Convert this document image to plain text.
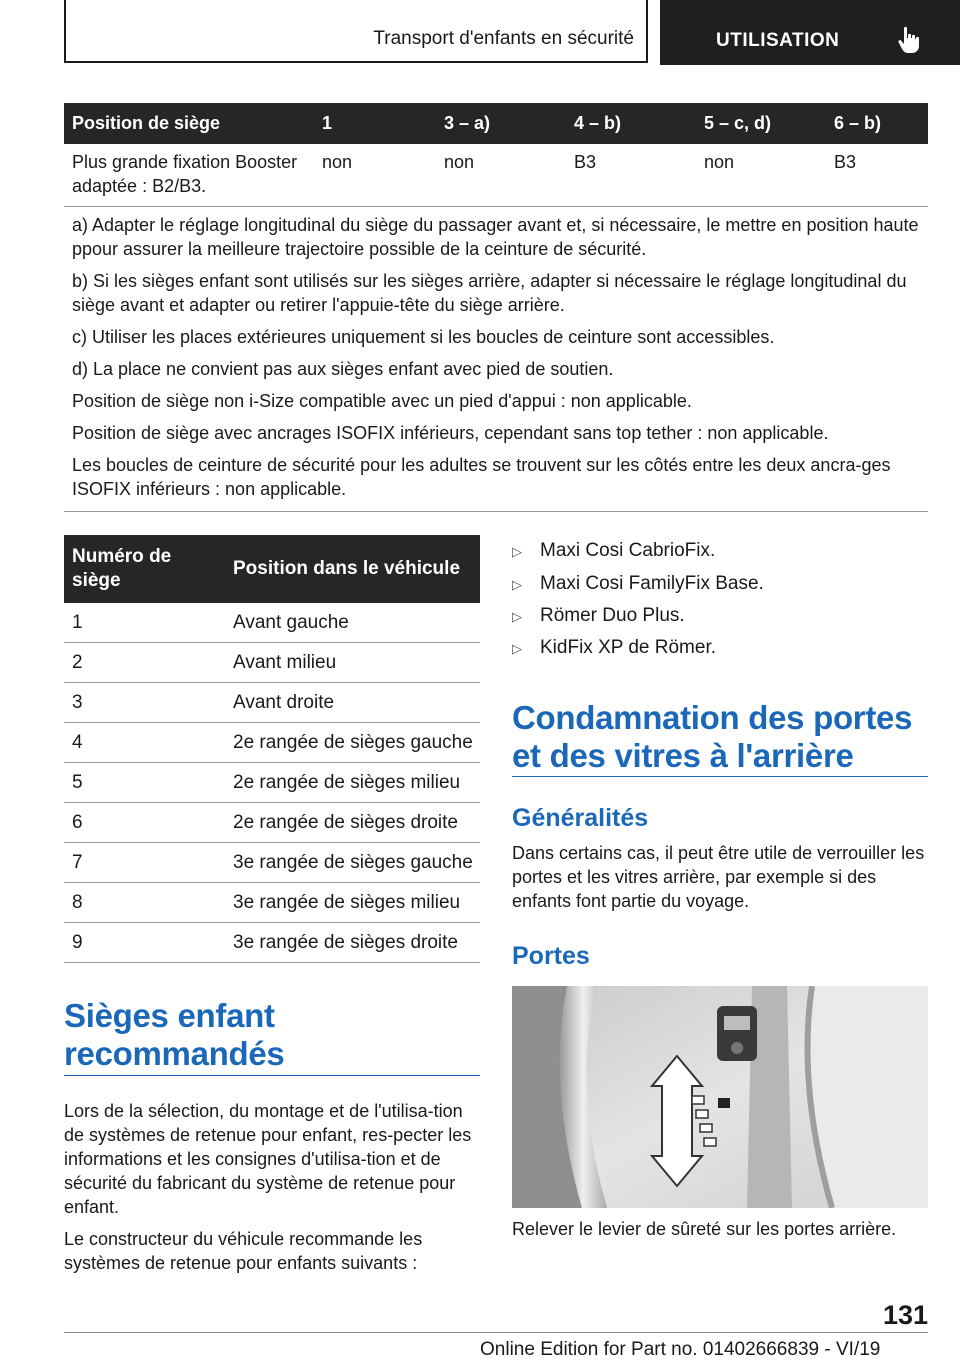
Transport d'enfants en sécurité	UTILISATION
Position de siège	1	3 – a)	4 – b)	5 – c, d)	6 – b)
Plus grande fixation Booster adaptée : B2/B3.	non	non	B3	non	B3

a) Adapter le réglage longitudinal du siège du passager avant et, si nécessaire, le mettre en position haute ppour assurer la meilleure trajectoire possible de la ceinture de sécurité.

b) Si les sièges enfant sont utilisés sur les sièges arrière, adapter si nécessaire le réglage longitudinal du siège avant et adapter ou retirer l'appuie-tête du siège arrière.

c) Utiliser les places extérieures uniquement si les boucles de ceinture sont accessibles.

d) La place ne convient pas aux sièges enfant avec pied de soutien.

Position de siège non i-Size compatible avec un pied d'appui : non applicable.

Position de siège avec ancrages ISOFIX inférieurs, cependant sans top tether : non applicable.

Les boucles de ceinture de sécurité pour les adultes se trouvent sur les côtés entre les deux ancra-ges ISOFIX inférieurs : non applicable.

Numéro de siège	Position dans le véhicule
1	Avant gauche
2	Avant milieu
3	Avant droite
4	2e rangée de sièges gauche
5	2e rangée de sièges milieu
6	2e rangée de sièges droite
7	3e rangée de sièges gauche
8	3e rangée de sièges milieu
9	3e rangée de sièges droite
Sièges enfant recommandés

Lors de la sélection, du montage et de l'utilisa-tion de systèmes de retenue pour enfant, res-pecter les informations et les consignes d'utilisa-tion et de sécurité du fabricant du système de retenue pour enfant.

Le constructeur du véhicule recommande les systèmes de retenue pour enfants suivants :

▷ Maxi Cosi CabrioFix.
▷ Maxi Cosi FamilyFix Base.
▷ Römer Duo Plus.
▷ KidFix XP de Römer.
Condamnation des portes et des vitres à l'arrière
Généralités

Dans certains cas, il peut être utile de verrouiller les portes et les vitres arrière, par exemple si des enfants font partie du voyage.

Portes
Relever le levier de sûreté sur les portes arrière.
131
Online Edition for Part no. 01402666839 - VI/19
